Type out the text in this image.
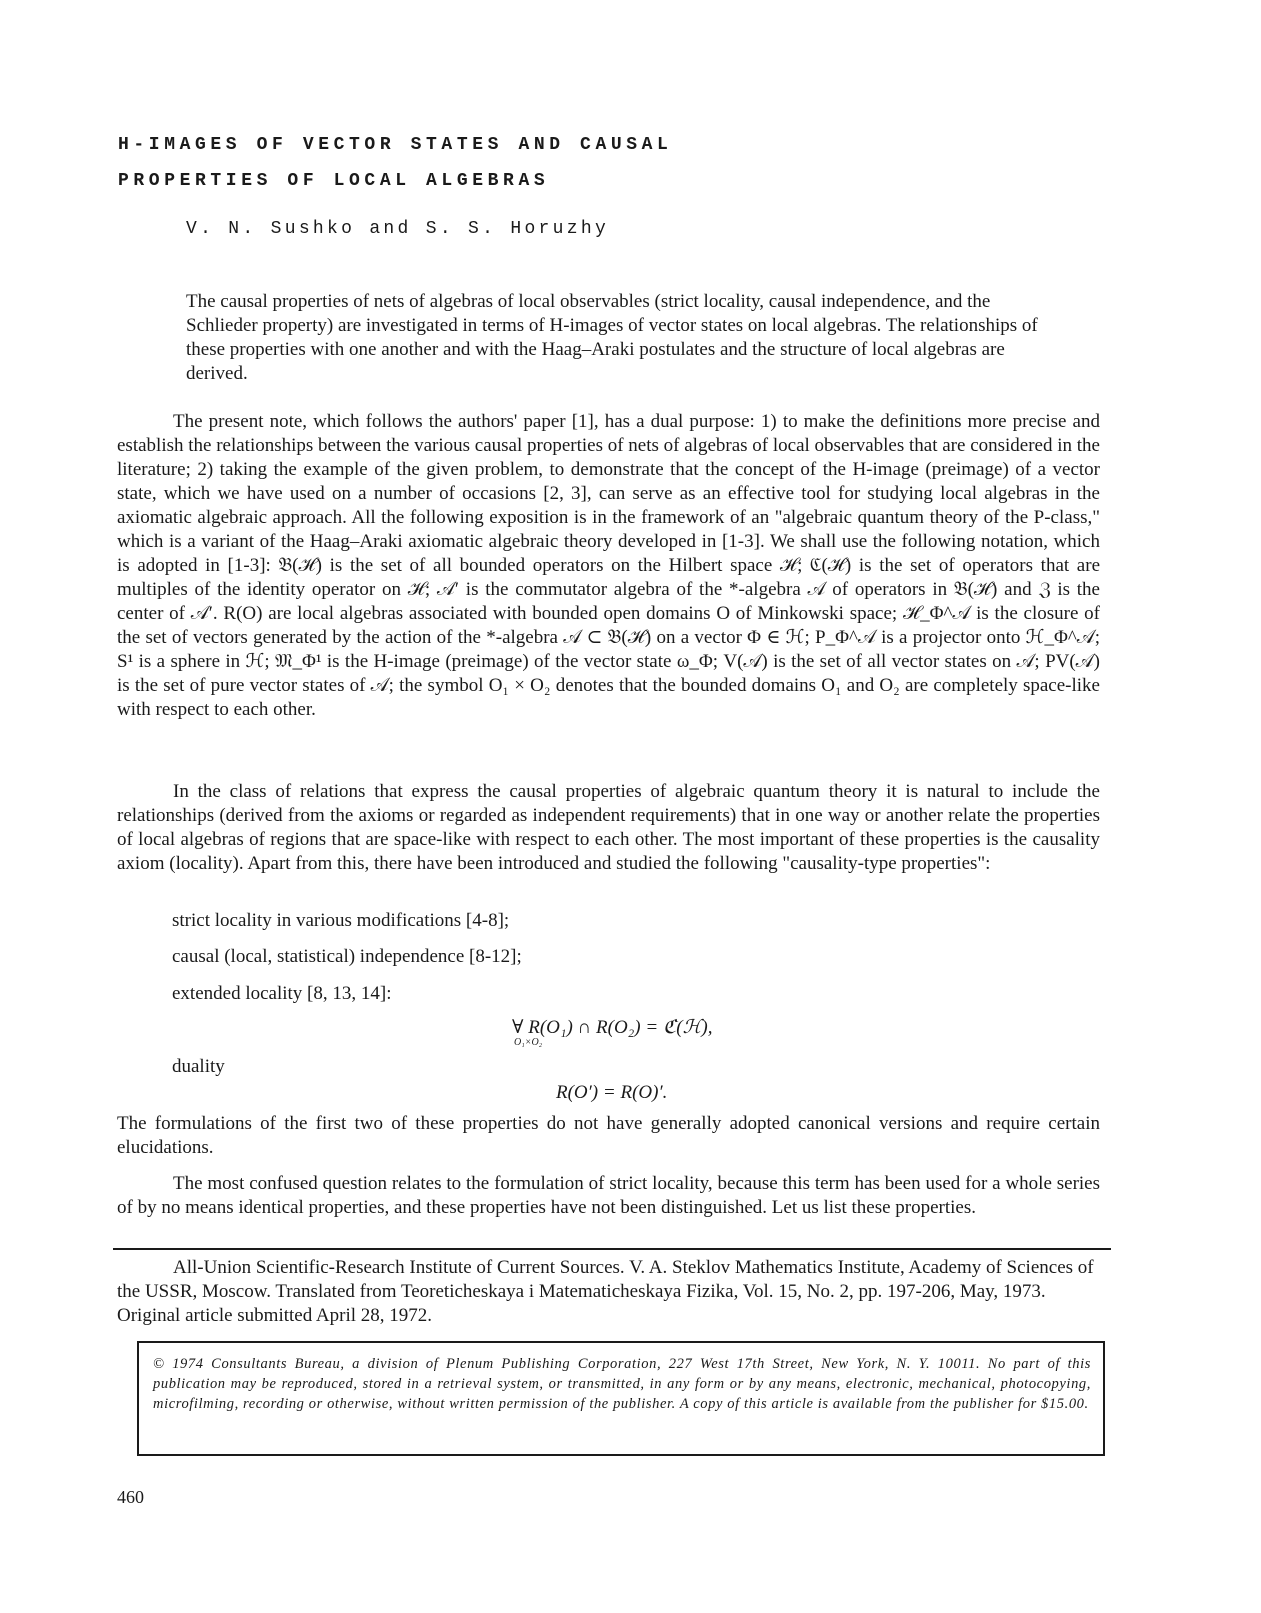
H-IMAGES OF VECTOR STATES AND CAUSAL
PROPERTIES OF LOCAL ALGEBRAS
V. N. Sushko and S. S. Horuzhy

The causal properties of nets of algebras of local observables (strict locality, causal independence, and the Schlieder property) are investigated in terms of H-images of vector states on local algebras. The relationships of these properties with one another and with the Haag–Araki postulates and the structure of local algebras are derived.

The present note, which follows the authors' paper [1], has a dual purpose: 1) to make the definitions more precise and establish the relationships between the various causal properties of nets of algebras of local observables that are considered in the literature; 2) taking the example of the given problem, to demonstrate that the concept of the H-image (preimage) of a vector state, which we have used on a number of occasions [2, 3], can serve as an effective tool for studying local algebras in the axiomatic algebraic approach. All the following exposition is in the framework of an "algebraic quantum theory of the P-class," which is a variant of the Haag–Araki axiomatic algebraic theory developed in [1-3]. We shall use the following notation, which is adopted in [1-3]: 𝔅(ℋ) is the set of all bounded operators on the Hilbert space ℋ; ℭ(ℋ) is the set of operators that are multiples of the identity operator on ℋ; 𝒜′ is the commutator algebra of the *-algebra 𝒜 of operators in 𝔅(ℋ) and ℨ is the center of 𝒜′. R(O) are local algebras associated with bounded open domains O of Minkowski space; ℋ_Φ^𝒜 is the closure of the set of vectors generated by the action of the *-algebra 𝒜 ⊂ 𝔅(ℋ) on a vector Φ ∈ ℋ; P_Φ^𝒜 is a projector onto ℋ_Φ^𝒜; S¹ is a sphere in ℋ; 𝔐_Φ¹ is the H-image (preimage) of the vector state ω_Φ; V(𝒜) is the set of all vector states on 𝒜; PV(𝒜) is the set of pure vector states of 𝒜; the symbol O₁ × O₂ denotes that the bounded domains O₁ and O₂ are completely space-like with respect to each other.

In the class of relations that express the causal properties of algebraic quantum theory it is natural to include the relationships (derived from the axioms or regarded as independent requirements) that in one way or another relate the properties of local algebras of regions that are space-like with respect to each other. The most important of these properties is the causality axiom (locality). Apart from this, there have been introduced and studied the following "causality-type properties":

strict locality in various modifications [4-8];

causal (local, statistical) independence [8-12];

extended locality [8, 13, 14]:

∀ R(O₁) ∩ R(O₂) = ℭ(ℋ),
O₁×O₂
duality
R(O′) = R(O)′.

The formulations of the first two of these properties do not have generally adopted canonical versions and require certain elucidations.

The most confused question relates to the formulation of strict locality, because this term has been used for a whole series of by no means identical properties, and these properties have not been distinguished. Let us list these properties.

All-Union Scientific-Research Institute of Current Sources. V. A. Steklov Mathematics Institute, Academy of Sciences of the USSR, Moscow. Translated from Teoreticheskaya i Matematicheskaya Fizika, Vol. 15, No. 2, pp. 197-206, May, 1973. Original article submitted April 28, 1972.

© 1974 Consultants Bureau, a division of Plenum Publishing Corporation, 227 West 17th Street, New York, N. Y. 10011. No part of this publication may be reproduced, stored in a retrieval system, or transmitted, in any form or by any means, electronic, mechanical, photocopying, microfilming, recording or otherwise, without written permission of the publisher. A copy of this article is available from the publisher for $15.00.

460
